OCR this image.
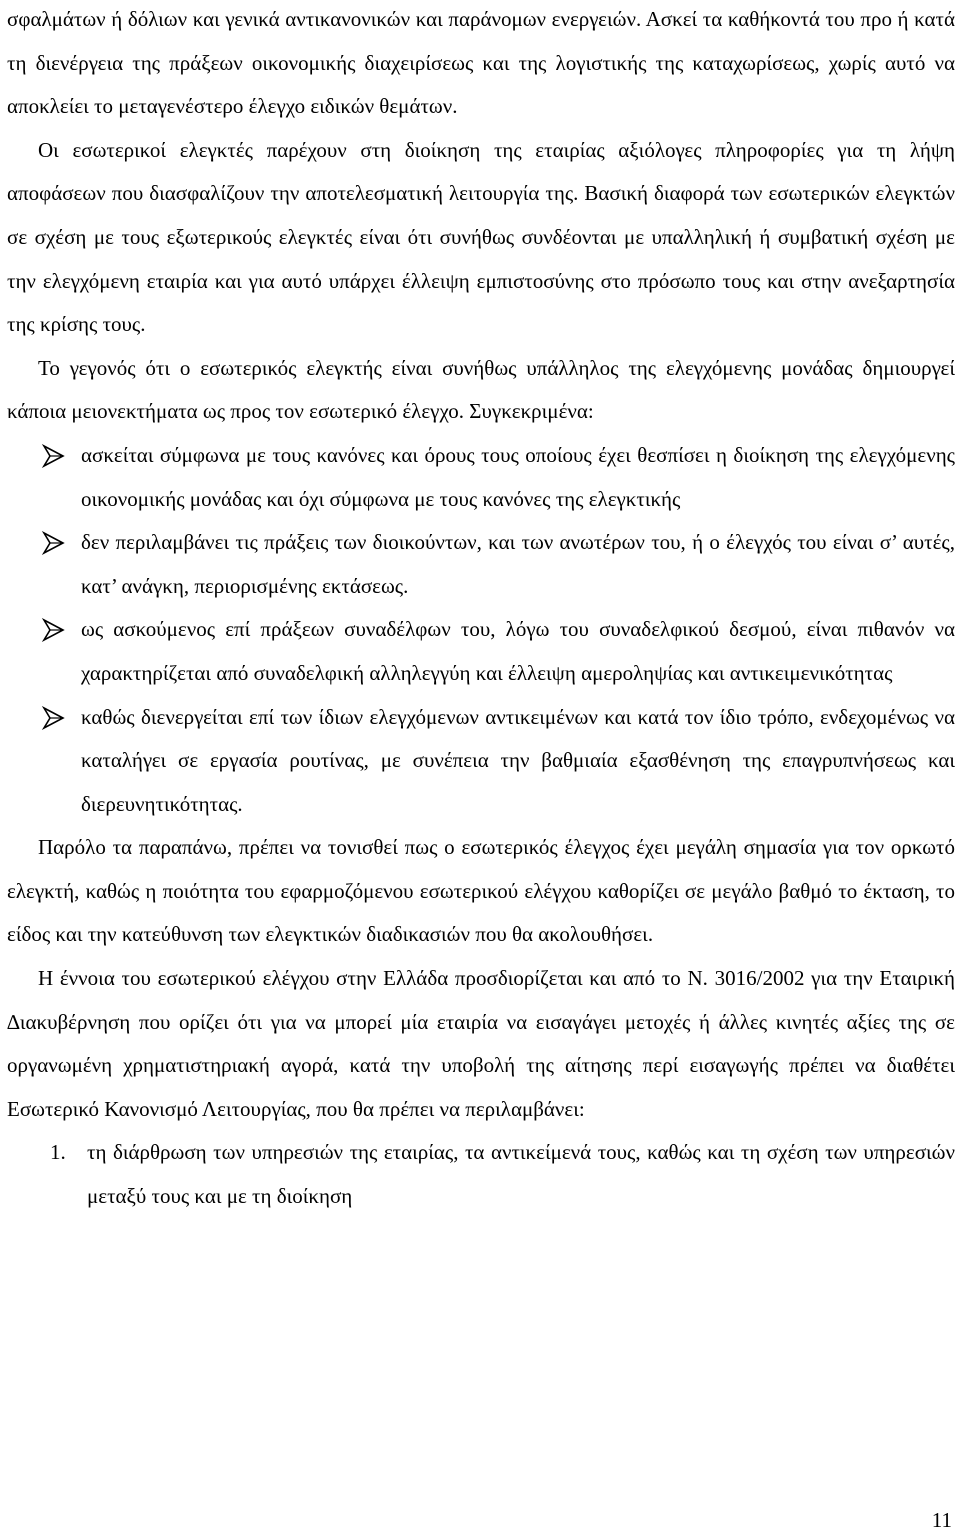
σφαλμάτων ή δόλιων και γενικά αντικανονικών και παράνομων ενεργειών. Ασκεί τα καθήκοντά του προ ή κατά τη διενέργεια της πράξεων οικονομικής διαχειρίσεως και της λογιστικής της καταχωρίσεως, χωρίς αυτό να αποκλείει το μεταγενέστερο έλεγχο ειδικών θεμάτων.

Οι εσωτερικοί ελεγκτές παρέχουν στη διοίκηση της εταιρίας αξιόλογες πληροφορίες για τη λήψη αποφάσεων που διασφαλίζουν την αποτελεσματική λειτουργία της. Βασική διαφορά των εσωτερικών ελεγκτών σε σχέση με τους εξωτερικούς ελεγκτές είναι ότι συνήθως συνδέονται με υπαλληλική ή συμβατική σχέση με την ελεγχόμενη εταιρία και για αυτό υπάρχει έλλειψη εμπιστοσύνης στο πρόσωπο τους και στην ανεξαρτησία της κρίσης τους.

Το γεγονός ότι ο εσωτερικός ελεγκτής είναι συνήθως υπάλληλος της ελεγχόμενης μονάδας δημιουργεί κάποια μειονεκτήματα ως προς τον εσωτερικό έλεγχο. Συγκεκριμένα:

ασκείται σύμφωνα με τους κανόνες και όρους τους οποίους έχει θεσπίσει η διοίκηση της ελεγχόμενης οικονομικής μονάδας και όχι σύμφωνα με τους κανόνες της ελεγκτικής
δεν περιλαμβάνει τις πράξεις των διοικούντων, και των ανωτέρων του, ή ο έλεγχός του είναι σ’ αυτές, κατ’ ανάγκη, περιορισμένης εκτάσεως.
ως ασκούμενος επί πράξεων συναδέλφων του, λόγω του συναδελφικού δεσμού, είναι πιθανόν να χαρακτηρίζεται από συναδελφική αλληλεγγύη και έλλειψη αμεροληψίας και αντικειμενικότητας
καθώς διενεργείται επί των ίδιων ελεγχόμενων αντικειμένων και κατά τον ίδιο τρόπο, ενδεχομένως να καταλήγει σε εργασία ρουτίνας, με συνέπεια την βαθμιαία εξασθένηση της επαγρυπνήσεως και διερευνητικότητας.

Παρόλο τα παραπάνω, πρέπει να τονισθεί πως ο εσωτερικός έλεγχος έχει μεγάλη σημασία για τον ορκωτό ελεγκτή, καθώς η ποιότητα του εφαρμοζόμενου εσωτερικού ελέγχου καθορίζει σε μεγάλο βαθμό το έκταση, το είδος και την κατεύθυνση των ελεγκτικών διαδικασιών που θα ακολουθήσει.

Η έννοια του εσωτερικού ελέγχου στην Ελλάδα προσδιορίζεται και από το Ν. 3016/2002 για την Εταιρική ∆ιακυβέρνηση που ορίζει ότι για να μπορεί μία εταιρία να εισαγάγει μετοχές ή άλλες κινητές αξίες της σε οργανωμένη χρηματιστηριακή αγορά, κατά την υποβολή της αίτησης περί εισαγωγής πρέπει να διαθέτει Εσωτερικό Κανονισμό Λειτουργίας, που θα πρέπει να περιλαμβάνει:

1. τη διάρθρωση των υπηρεσιών της εταιρίας, τα αντικείμενά τους, καθώς και τη σχέση των υπηρεσιών μεταξύ τους και με τη διοίκηση
11
